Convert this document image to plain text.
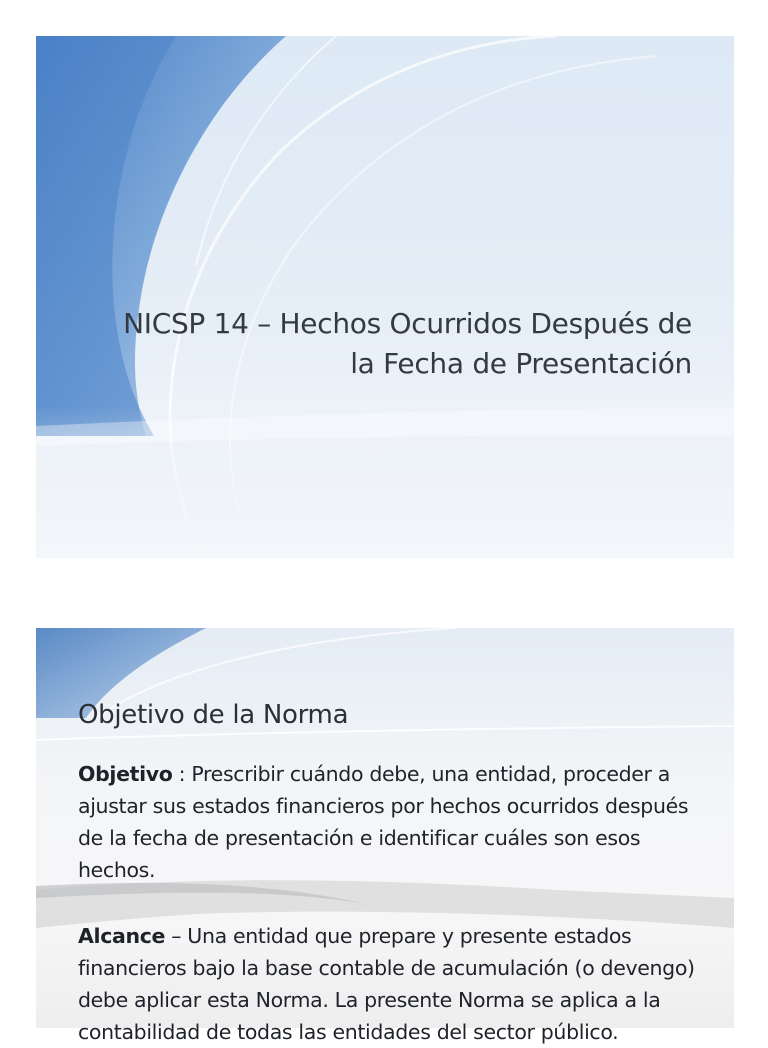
NICSP 14 – Hechos Ocurridos Después de
la Fecha de Presentación
Objetivo de la Norma
Objetivo : Prescribir cuándo debe, una entidad, proceder a ajustar sus estados financieros por hechos ocurridos después de la fecha de presentación e identificar cuáles son esos hechos.
Alcance – Una entidad que prepare y presente estados financieros bajo la base contable de acumulación (o devengo) debe aplicar esta Norma. La presente Norma se aplica a la contabilidad de todas las entidades del sector público.
